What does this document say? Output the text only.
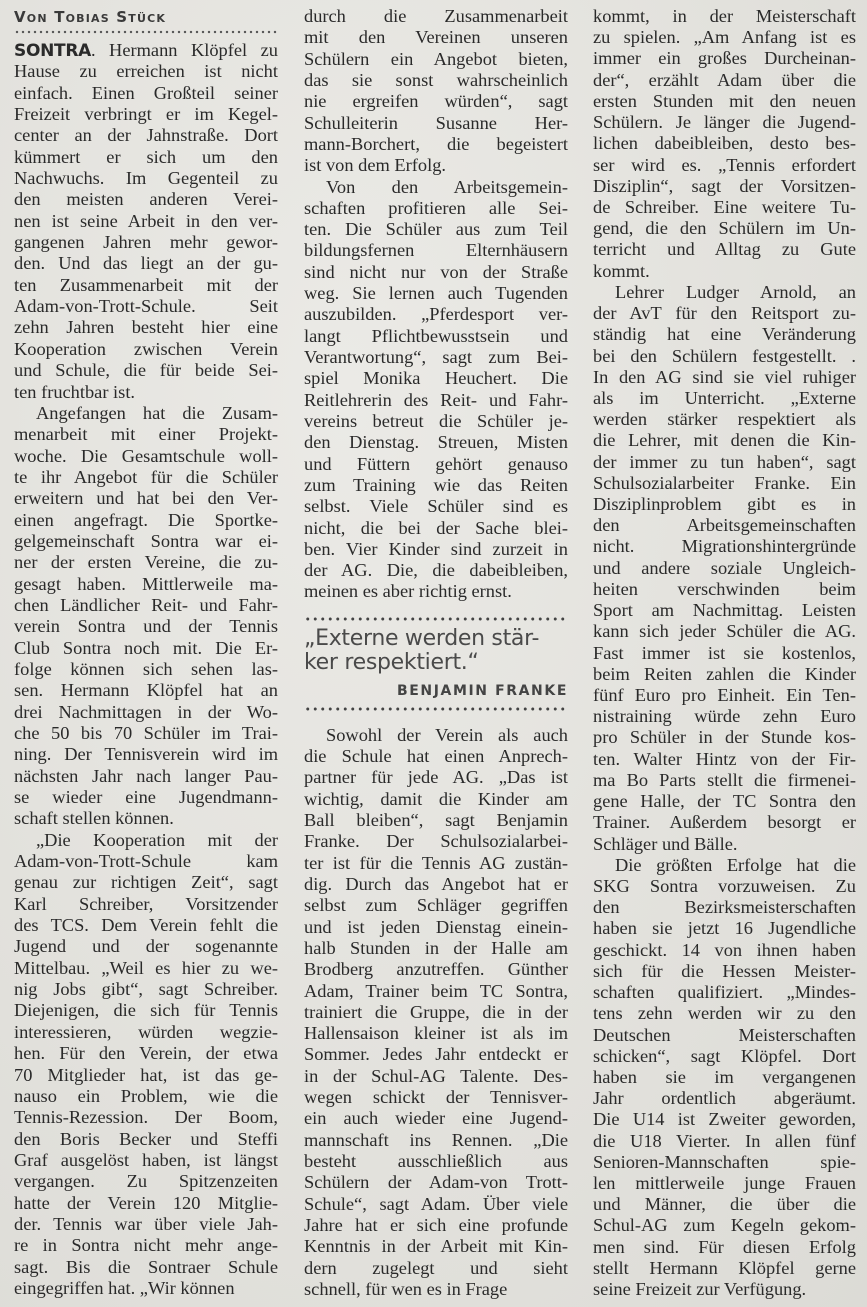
Von Tobias Stück
SONTRA. Hermann Klöpfel zu
Hause zu erreichen ist nicht
einfach. Einen Großteil seiner
Freizeit verbringt er im Kegel-
center an der Jahnstraße. Dort
kümmert er sich um den
Nachwuchs. Im Gegenteil zu
den meisten anderen Verei-
nen ist seine Arbeit in den ver-
gangenen Jahren mehr gewor-
den. Und das liegt an der gu-
ten Zusammenarbeit mit der
Adam-von-Trott-Schule. Seit
zehn Jahren besteht hier eine
Kooperation zwischen Verein
und Schule, die für beide Sei-
ten fruchtbar ist.
Angefangen hat die Zusam-
menarbeit mit einer Projekt-
woche. Die Gesamtschule woll-
te ihr Angebot für die Schüler
erweitern und hat bei den Ver-
einen angefragt. Die Sportke-
gelgemeinschaft Sontra war ei-
ner der ersten Vereine, die zu-
gesagt haben. Mittlerweile ma-
chen Ländlicher Reit- und Fahr-
verein Sontra und der Tennis
Club Sontra noch mit. Die Er-
folge können sich sehen las-
sen. Hermann Klöpfel hat an
drei Nachmittagen in der Wo-
che 50 bis 70 Schüler im Trai-
ning. Der Tennisverein wird im
nächsten Jahr nach langer Pau-
se wieder eine Jugendmann-
schaft stellen können.
„Die Kooperation mit der
Adam-von-Trott-Schule kam
genau zur richtigen Zeit“, sagt
Karl Schreiber, Vorsitzender
des TCS. Dem Verein fehlt die
Jugend und der sogenannte
Mittelbau. „Weil es hier zu we-
nig Jobs gibt“, sagt Schreiber.
Diejenigen, die sich für Tennis
interessieren, würden wegzie-
hen. Für den Verein, der etwa
70 Mitglieder hat, ist das ge-
nauso ein Problem, wie die
Tennis-Rezession. Der Boom,
den Boris Becker und Steffi
Graf ausgelöst haben, ist längst
vergangen. Zu Spitzenzeiten
hatte der Verein 120 Mitglie-
der. Tennis war über viele Jah-
re in Sontra nicht mehr ange-
sagt. Bis die Sontraer Schule
eingegriffen hat. „Wir können
durch die Zusammenarbeit
mit den Vereinen unseren
Schülern ein Angebot bieten,
das sie sonst wahrscheinlich
nie ergreifen würden“, sagt
Schulleiterin Susanne Her-
mann-Borchert, die begeistert
ist von dem Erfolg.
Von den Arbeitsgemein-
schaften profitieren alle Sei-
ten. Die Schüler aus zum Teil
bildungsfernen Elternhäusern
sind nicht nur von der Straße
weg. Sie lernen auch Tugenden
auszubilden. „Pferdesport ver-
langt Pflichtbewusstsein und
Verantwortung“, sagt zum Bei-
spiel Monika Heuchert. Die
Reitlehrerin des Reit- und Fahr-
vereins betreut die Schüler je-
den Dienstag. Streuen, Misten
und Füttern gehört genauso
zum Training wie das Reiten
selbst. Viele Schüler sind es
nicht, die bei der Sache blei-
ben. Vier Kinder sind zurzeit in
der AG. Die, die dabeibleiben,
meinen es aber richtig ernst.
„Externe werden stär-
ker respektiert.“
BENJAMIN FRANKE
Sowohl der Verein als auch
die Schule hat einen Anprech-
partner für jede AG. „Das ist
wichtig, damit die Kinder am
Ball bleiben“, sagt Benjamin
Franke. Der Schulsozialarbei-
ter ist für die Tennis AG zustän-
dig. Durch das Angebot hat er
selbst zum Schläger gegriffen
und ist jeden Dienstag einein-
halb Stunden in der Halle am
Brodberg anzutreffen. Günther
Adam, Trainer beim TC Sontra,
trainiert die Gruppe, die in der
Hallensaison kleiner ist als im
Sommer. Jedes Jahr entdeckt er
in der Schul-AG Talente. Des-
wegen schickt der Tennisver-
ein auch wieder eine Jugend-
mannschaft ins Rennen. „Die
besteht ausschließlich aus
Schülern der Adam-von Trott-
Schule“, sagt Adam. Über viele
Jahre hat er sich eine profunde
Kenntnis in der Arbeit mit Kin-
dern zugelegt und sieht
schnell, für wen es in Frage
kommt, in der Meisterschaft
zu spielen. „Am Anfang ist es
immer ein großes Durcheinan-
der“, erzählt Adam über die
ersten Stunden mit den neuen
Schülern. Je länger die Jugend-
lichen dabeibleiben, desto bes-
ser wird es. „Tennis erfordert
Disziplin“, sagt der Vorsitzen-
de Schreiber. Eine weitere Tu-
gend, die den Schülern im Un-
terricht und Alltag zu Gute
kommt.
Lehrer Ludger Arnold, an
der AvT für den Reitsport zu-
ständig hat eine Veränderung
bei den Schülern festgestellt. .
In den AG sind sie viel ruhiger
als im Unterricht. „Externe
werden stärker respektiert als
die Lehrer, mit denen die Kin-
der immer zu tun haben“, sagt
Schulsozialarbeiter Franke. Ein
Disziplinproblem gibt es in
den Arbeitsgemeinschaften
nicht. Migrationshintergründe
und andere soziale Ungleich-
heiten verschwinden beim
Sport am Nachmittag. Leisten
kann sich jeder Schüler die AG.
Fast immer ist sie kostenlos,
beim Reiten zahlen die Kinder
fünf Euro pro Einheit. Ein Ten-
nistraining würde zehn Euro
pro Schüler in der Stunde kos-
ten. Walter Hintz von der Fir-
ma Bo Parts stellt die firmenei-
gene Halle, der TC Sontra den
Trainer. Außerdem besorgt er
Schläger und Bälle.
Die größten Erfolge hat die
SKG Sontra vorzuweisen. Zu
den Bezirksmeisterschaften
haben sie jetzt 16 Jugendliche
geschickt. 14 von ihnen haben
sich für die Hessen Meister-
schaften qualifiziert. „Mindes-
tens zehn werden wir zu den
Deutschen Meisterschaften
schicken“, sagt Klöpfel. Dort
haben sie im vergangenen
Jahr ordentlich abgeräumt.
Die U14 ist Zweiter geworden,
die U18 Vierter. In allen fünf
Senioren-Mannschaften spie-
len mittlerweile junge Frauen
und Männer, die über die
Schul-AG zum Kegeln gekom-
men sind. Für diesen Erfolg
stellt Hermann Klöpfel gerne
seine Freizeit zur Verfügung.
